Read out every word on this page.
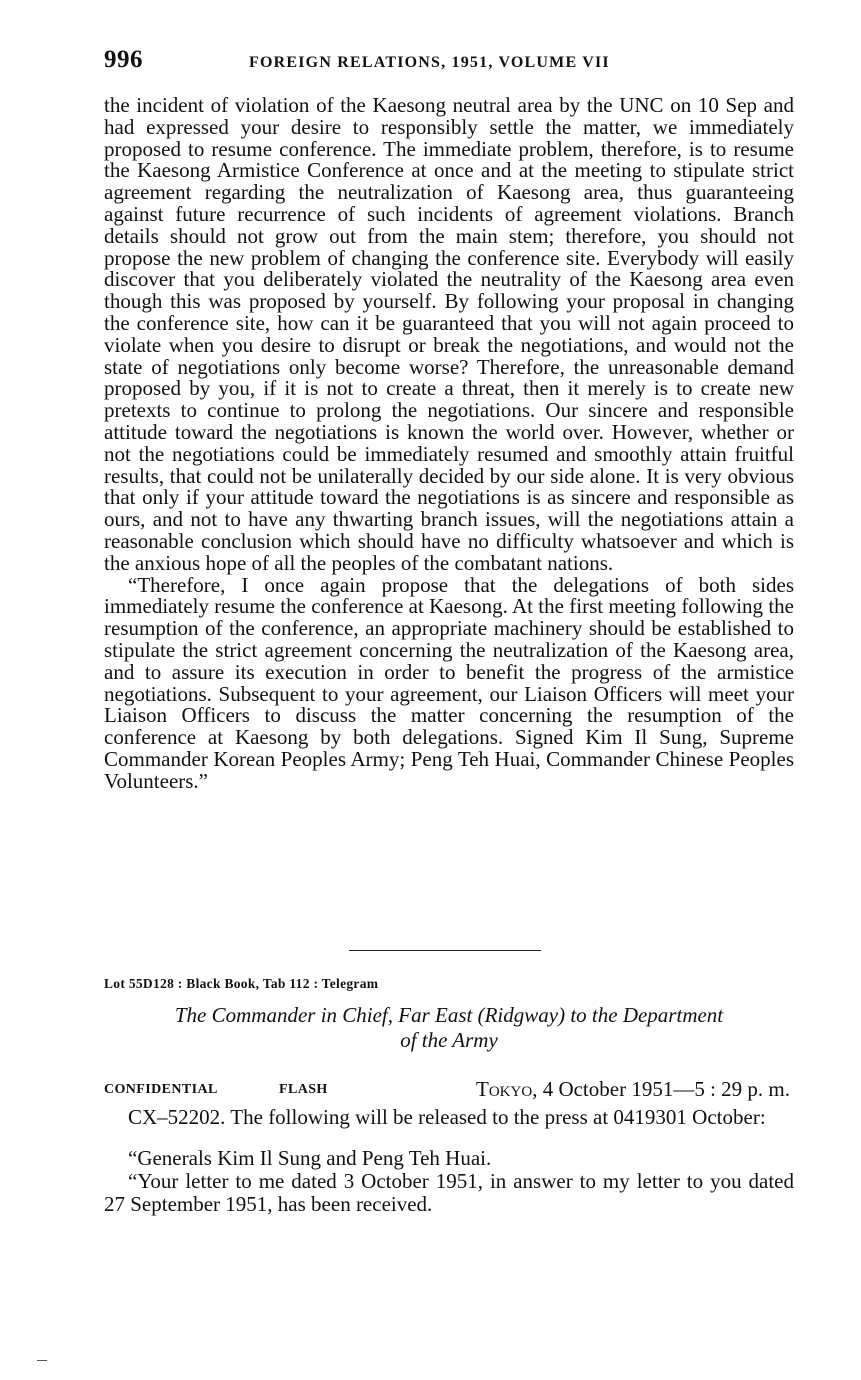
996	FOREIGN RELATIONS, 1951, VOLUME VII

the incident of violation of the Kaesong neutral area by the UNC on 10 Sep and had expressed your desire to responsibly settle the matter, we immediately proposed to resume conference. The immediate problem, therefore, is to resume the Kaesong Armistice Conference at once and at the meeting to stipulate strict agreement regarding the neutralization of Kaesong area, thus guaranteeing against future recurrence of such incidents of agreement violations. Branch details should not grow out from the main stem; therefore, you should not propose the new problem of changing the conference site. Everybody will easily discover that you deliberately violated the neutrality of the Kaesong area even though this was proposed by yourself. By following your proposal in changing the conference site, how can it be guaranteed that you will not again proceed to violate when you desire to disrupt or break the negotiations, and would not the state of negotiations only become worse? Therefore, the unreasonable demand proposed by you, if it is not to create a threat, then it merely is to create new pretexts to continue to prolong the negotiations. Our sincere and responsible attitude toward the negotiations is known the world over. However, whether or not the negotiations could be immediately resumed and smoothly attain fruitful results, that could not be unilaterally decided by our side alone. It is very obvious that only if your attitude toward the negotiations is as sincere and responsible as ours, and not to have any thwarting branch issues, will the negotiations attain a reasonable conclusion which should have no difficulty whatsoever and which is the anxious hope of all the peoples of the combatant nations.

“Therefore, I once again propose that the delegations of both sides immediately resume the conference at Kaesong. At the first meeting following the resumption of the conference, an appropriate machinery should be established to stipulate the strict agreement concerning the neutralization of the Kaesong area, and to assure its execution in order to benefit the progress of the armistice negotiations. Subsequent to your agreement, our Liaison Officers will meet your Liaison Officers to discuss the matter concerning the resumption of the conference at Kaesong by both delegations. Signed Kim Il Sung, Supreme Commander Korean Peoples Army; Peng Teh Huai, Commander Chinese Peoples Volunteers.”

Lot 55D128 : Black Book, Tab 112 : Telegram
The Commander in Chief, Far East (Ridgway) to the Department
of the Army
CONFIDENTIAL	FLASH	Tokyo, 4 October 1951—5 : 29 p. m.

CX–52202. The following will be released to the press at 0419301 October:

“Generals Kim Il Sung and Peng Teh Huai.

“Your letter to me dated 3 October 1951, in answer to my letter to you dated 27 September 1951, has been received.
